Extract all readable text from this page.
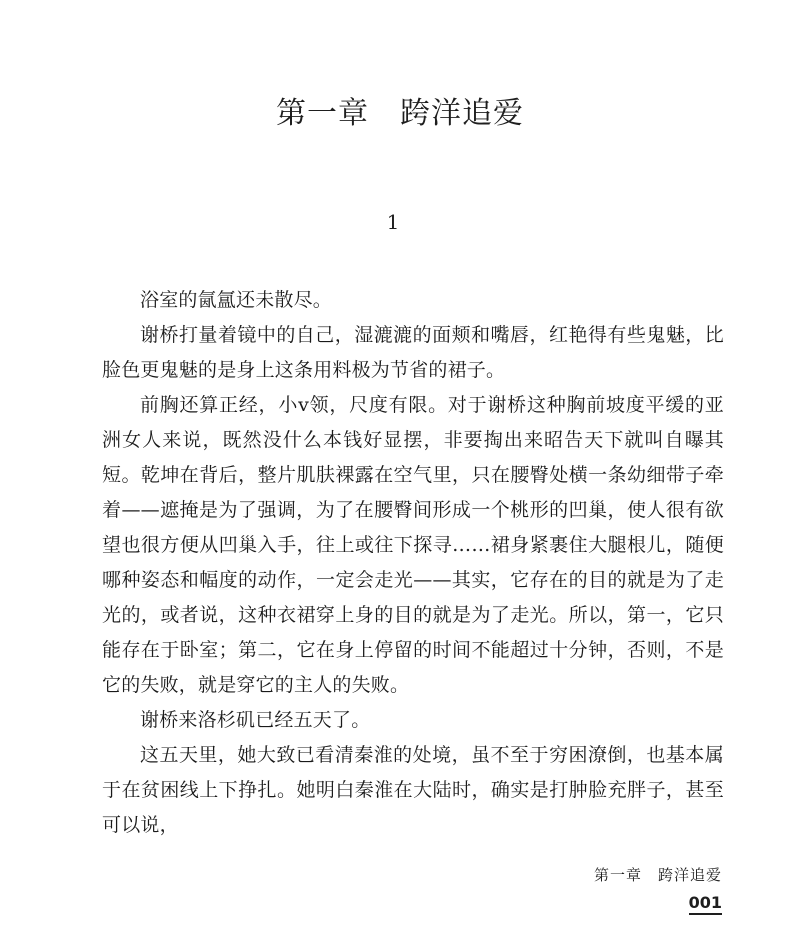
第一章　跨洋追爱
1

浴室的氤氲还未散尽。

谢桥打量着镜中的自己，湿漉漉的面颊和嘴唇，红艳得有些鬼魅，比脸色更鬼魅的是身上这条用料极为节省的裙子。

前胸还算正经，小v领，尺度有限。对于谢桥这种胸前坡度平缓的亚洲女人来说，既然没什么本钱好显摆，非要掏出来昭告天下就叫自曝其短。乾坤在背后，整片肌肤裸露在空气里，只在腰臀处横一条幼细带子牵着——遮掩是为了强调，为了在腰臀间形成一个桃形的凹巢，使人很有欲望也很方便从凹巢入手，往上或往下探寻……裙身紧裹住大腿根儿，随便哪种姿态和幅度的动作，一定会走光——其实，它存在的目的就是为了走光的，或者说，这种衣裙穿上身的目的就是为了走光。所以，第一，它只能存在于卧室；第二，它在身上停留的时间不能超过十分钟，否则，不是它的失败，就是穿它的主人的失败。

谢桥来洛杉矶已经五天了。

这五天里，她大致已看清秦淮的处境，虽不至于穷困潦倒，也基本属于在贫困线上下挣扎。她明白秦淮在大陆时，确实是打肿脸充胖子，甚至可以说，

第一章　跨洋追爱
001
